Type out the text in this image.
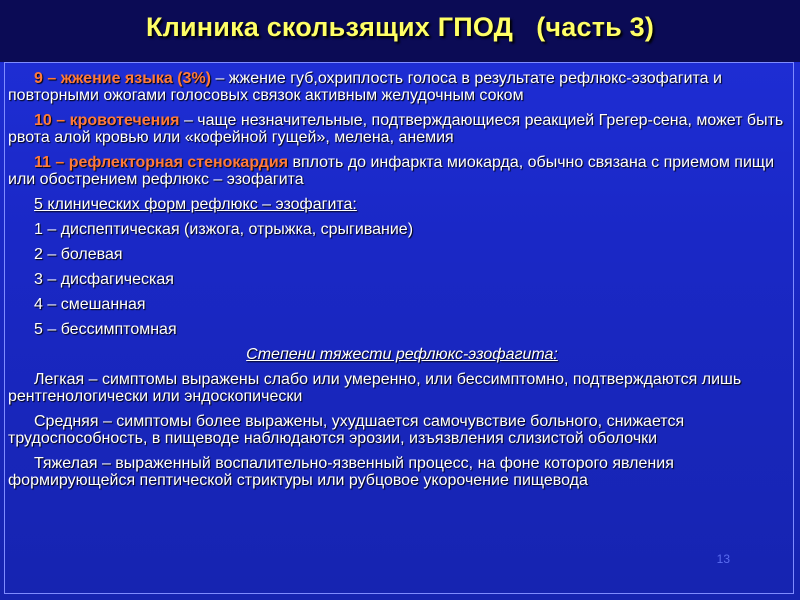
Клиника скользящих ГПОД   (часть 3)

9 – жжение языка (3%) – жжение губ,охриплость голоса в результате рефлюкс-эзофагита и повторными ожогами голосовых связок активным желудочным соком

10 – кровотечения – чаще незначительные, подтверждающиеся реакцией Грегер-сена, может быть рвота алой кровью или «кофейной гущей», мелена, анемия

11 – рефлекторная стенокардия вплоть до инфаркта миокарда, обычно связана с приемом пищи или обострением рефлюкс – эзофагита

5 клинических форм рефлюкс – эзофагита:

1 – диспептическая (изжога, отрыжка, срыгивание)

2 – болевая

3 – дисфагическая

4 – смешанная

5 – бессимптомная

Степени тяжести рефлюкс-эзофагита:

Легкая – симптомы выражены слабо или умеренно, или бессимптомно, подтверждаются лишь рентгенологически или эндоскопически

Средняя – симптомы более выражены, ухудшается самочувствие больного, снижается трудоспособность, в пищеводе наблюдаются эрозии, изъязвления слизистой оболочки

Тяжелая – выраженный воспалительно-язвенный процесс, на фоне которого явления формирующейся пептической стриктуры или рубцовое укорочение пищевода

13
